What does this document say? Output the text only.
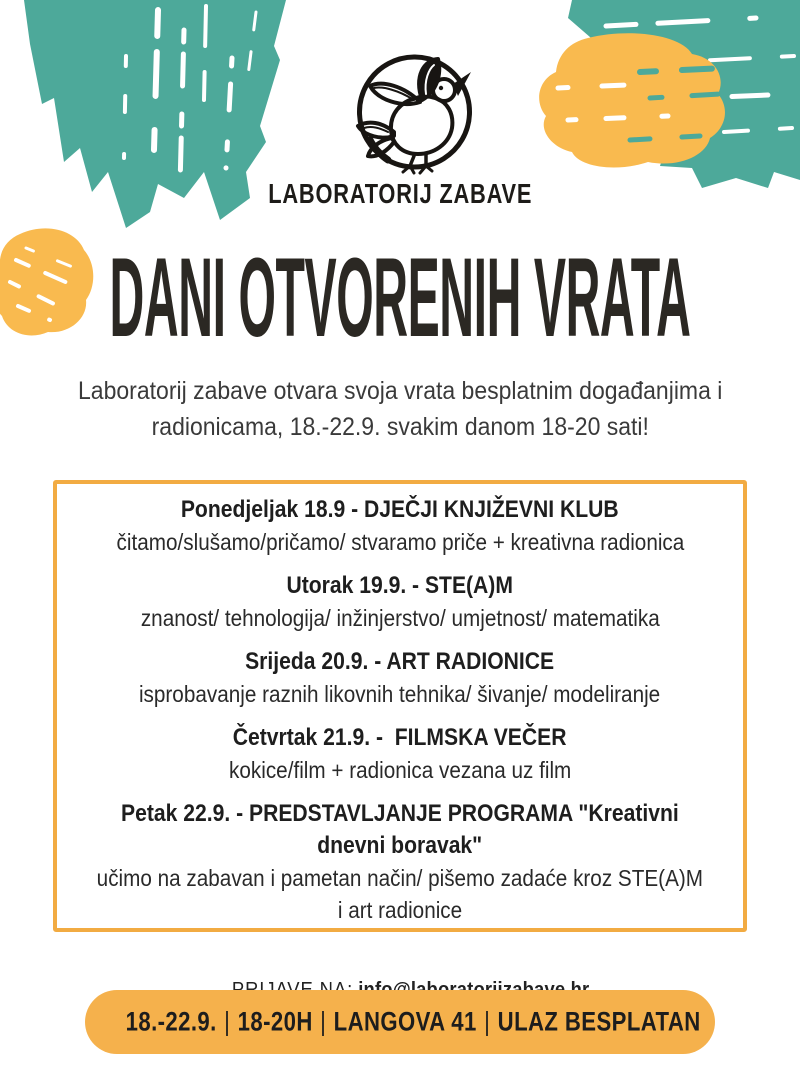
LABORATORIJ ZABAVE
DANI OTVORENIH VRATA
Laboratorij zabave otvara svoja vrata besplatnim događanjima i
radionicama, 18.-22.9. svakim danom 18-20 sati!
Ponedjeljak 18.9 - DJEČJI KNJIŽEVNI KLUB
čitamo/slušamo/pričamo/ stvaramo priče + kreativna radionica
Utorak 19.9. - STE(A)M
znanost/ tehnologija/ inžinjerstvo/ umjetnost/ matematika
Srijeda 20.9. - ART RADIONICE
isprobavanje raznih likovnih tehnika/ šivanje/ modeliranje
Četvrtak 21.9. -  FILMSKA VEČER
kokice/film + radionica vezana uz film
Petak 22.9. - PREDSTAVLJANJE PROGRAMA "Kreativni
dnevni boravak"
učimo na zabavan i pametan način/ pišemo zadaće kroz STE(A)M
i art radionice

18.-22.9. | 18-20H | LANGOVA 41 | ULAZ BESPLATAN
